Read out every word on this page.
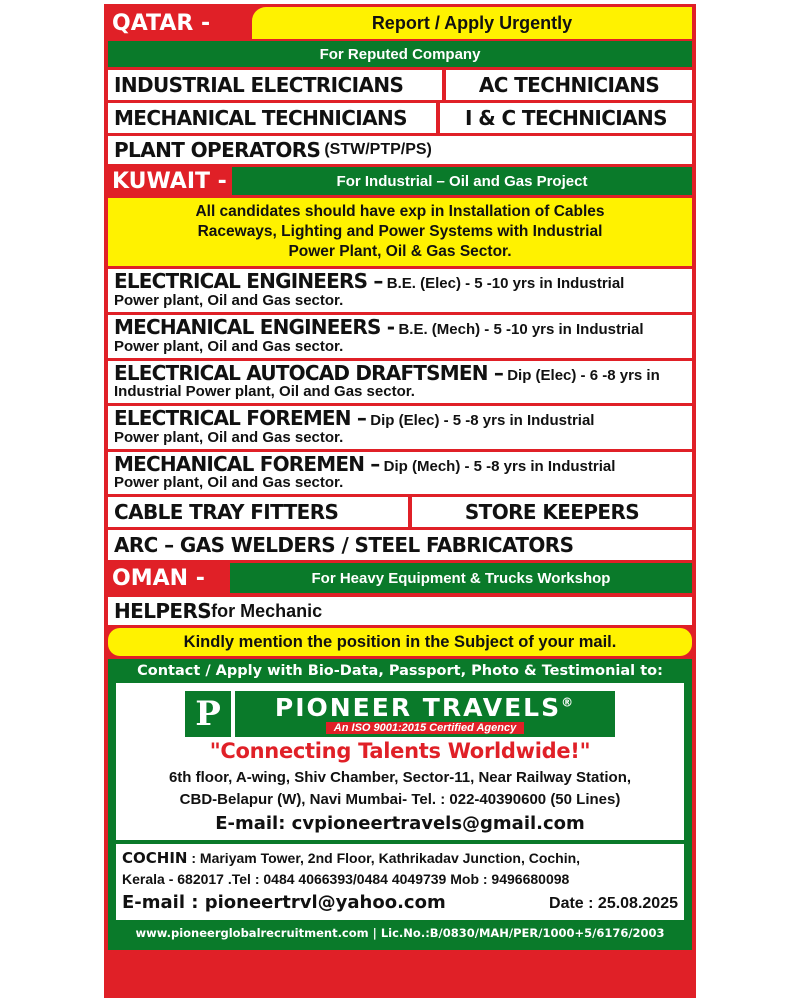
QATAR -	Report / Apply Urgently
For Reputed Company
INDUSTRIAL ELECTRICIANS	AC TECHNICIANS
MECHANICAL TECHNICIANS	I & C TECHNICIANS
PLANT OPERATORS (STW/PTP/PS)
KUWAIT -	For Industrial – Oil and Gas Project
All candidates should have exp in Installation of Cables
Raceways, Lighting and Power Systems with Industrial
Power Plant, Oil & Gas Sector.
ELECTRICAL ENGINEERS – B.E. (Elec) - 5 -10 yrs in Industrial
Power plant, Oil and Gas sector.
MECHANICAL ENGINEERS - B.E. (Mech) - 5 -10 yrs in Industrial
Power plant, Oil and Gas sector.
ELECTRICAL AUTOCAD DRAFTSMEN – Dip (Elec) - 6 -8 yrs in
Industrial Power plant, Oil and Gas sector.
ELECTRICAL FOREMEN – Dip (Elec) - 5 -8 yrs in Industrial
Power plant, Oil and Gas sector.
MECHANICAL FOREMEN – Dip (Mech) - 5 -8 yrs in Industrial
Power plant, Oil and Gas sector.
CABLE TRAY FITTERS	STORE KEEPERS
ARC – GAS WELDERS / STEEL FABRICATORS
OMAN -	For Heavy Equipment & Trucks Workshop
HELPERS for Mechanic
Kindly mention the position in the Subject of your mail.
Contact / Apply with Bio-Data, Passport, Photo & Testimonial to:
P	PIONEER TRAVELS®
An ISO 9001:2015 Certified Agency
"Connecting Talents Worldwide!"
6th floor, A-wing, Shiv Chamber, Sector-11, Near Railway Station,
CBD-Belapur (W), Navi Mumbai- Tel. : 022-40390600 (50 Lines)
E-mail: cvpioneertravels@gmail.com
COCHIN : Mariyam Tower, 2nd Floor, Kathrikadav Junction, Cochin,
Kerala - 682017 .Tel : 0484 4066393/0484 4049739 Mob : 9496680098
E-mail : pioneertrvl@yahoo.com	Date : 25.08.2025
www.pioneerglobalrecruitment.com | Lic.No.:B/0830/MAH/PER/1000+5/6176/2003
